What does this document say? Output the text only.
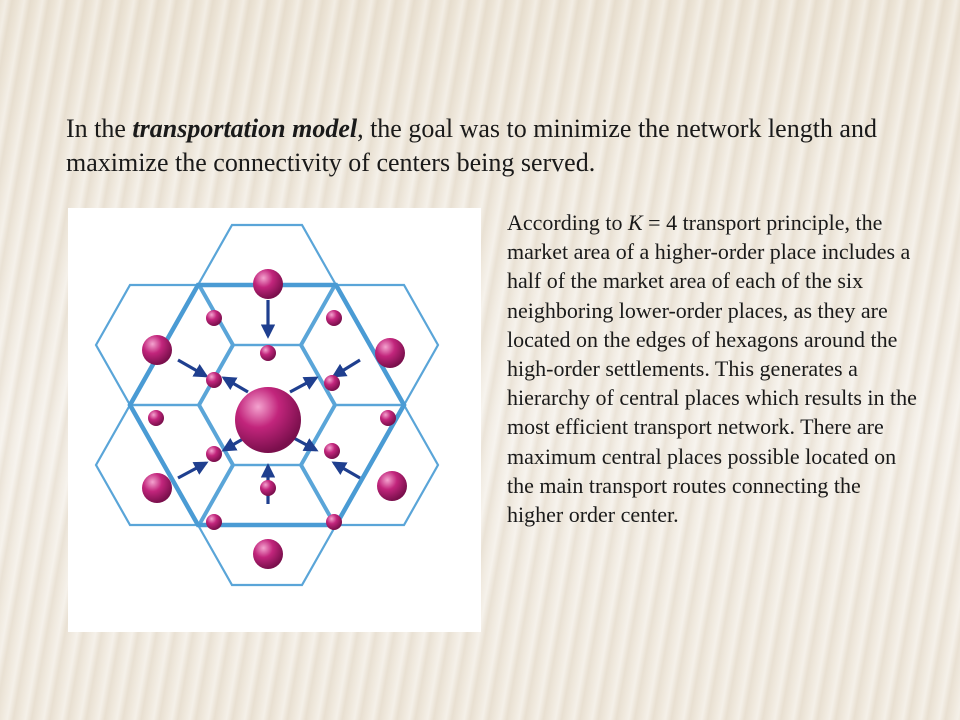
In the transportation model, the goal was to minimize the network length and maximize the connectivity of centers being served.

According to K = 4 transport principle, the market area of a higher-order place includes a half of the market area of each of the six neighboring lower-order places, as they are located on the edges of hexagons around the high-order settlements. This generates a hierarchy of central places which results in the most efficient transport network. There are maximum central places possible located on the main transport routes connecting the higher order center.
